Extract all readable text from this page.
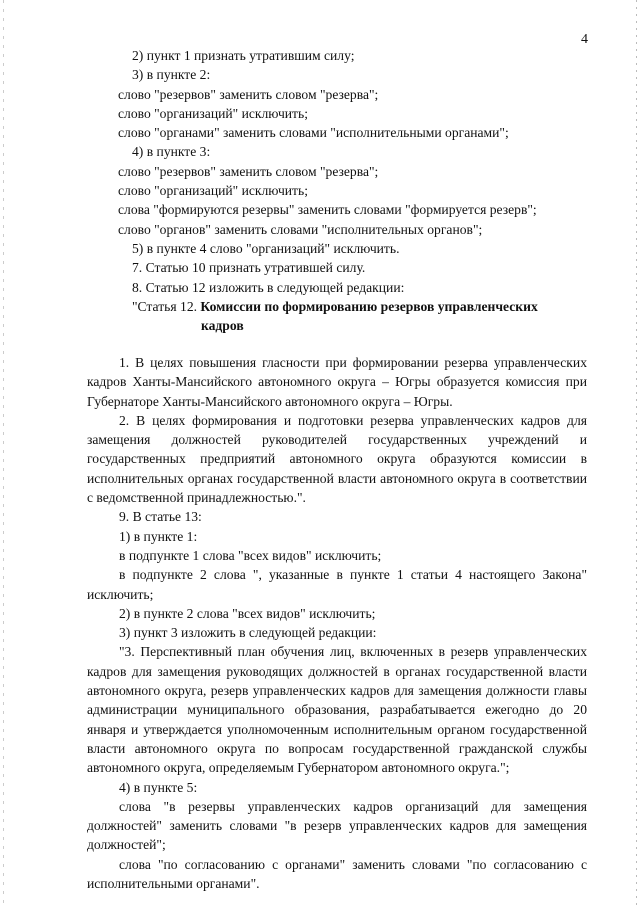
4
2) пункт 1 признать утратившим силу;
3) в пункте 2:
слово "резервов" заменить словом "резерва";
слово "организаций" исключить;
слово "органами" заменить словами "исполнительными органами";
4) в пункте 3:
слово "резервов" заменить словом "резерва";
слово "организаций" исключить;
слова "формируются резервы" заменить словами "формируется резерв";
слово "органов" заменить словами "исполнительных органов";
5) в пункте 4 слово "организаций" исключить.
7. Статью 10 признать утратившей силу.
8. Статью 12 изложить в следующей редакции:
"Статья 12.
Комиссии по формированию резервов управленческих
кадров
1. В целях повышения гласности при формировании резерва управленческих кадров Ханты-Мансийского автономного округа – Югры образуется комиссия при Губернаторе Ханты-Мансийского автономного округа – Югры.
2. В целях формирования и подготовки резерва управленческих кадров для замещения должностей руководителей государственных учреждений и государственных предприятий автономного округа образуются комиссии в исполнительных органах государственной власти автономного округа в соответствии с ведомственной принадлежностью.".
9. В статье 13:
1) в пункте 1:
в подпункте 1 слова "всех видов" исключить;
в подпункте 2 слова ", указанные в пункте 1 статьи 4 настоящего Закона" исключить;
2) в пункте 2 слова "всех видов" исключить;
3) пункт 3 изложить в следующей редакции:
"3. Перспективный план обучения лиц, включенных в резерв управленческих кадров для замещения руководящих должностей в органах государственной власти автономного округа, резерв управленческих кадров для замещения должности главы администрации муниципального образования, разрабатывается ежегодно до 20 января и утверждается уполномоченным исполнительным органом государственной власти автономного округа по вопросам государственной гражданской службы автономного округа, определяемым Губернатором автономного округа.";
4) в пункте 5:
слова "в резервы управленческих кадров организаций для замещения должностей" заменить словами "в резерв управленческих кадров для замещения должностей";
слова "по согласованию с органами" заменить словами "по согласованию с исполнительными органами".
